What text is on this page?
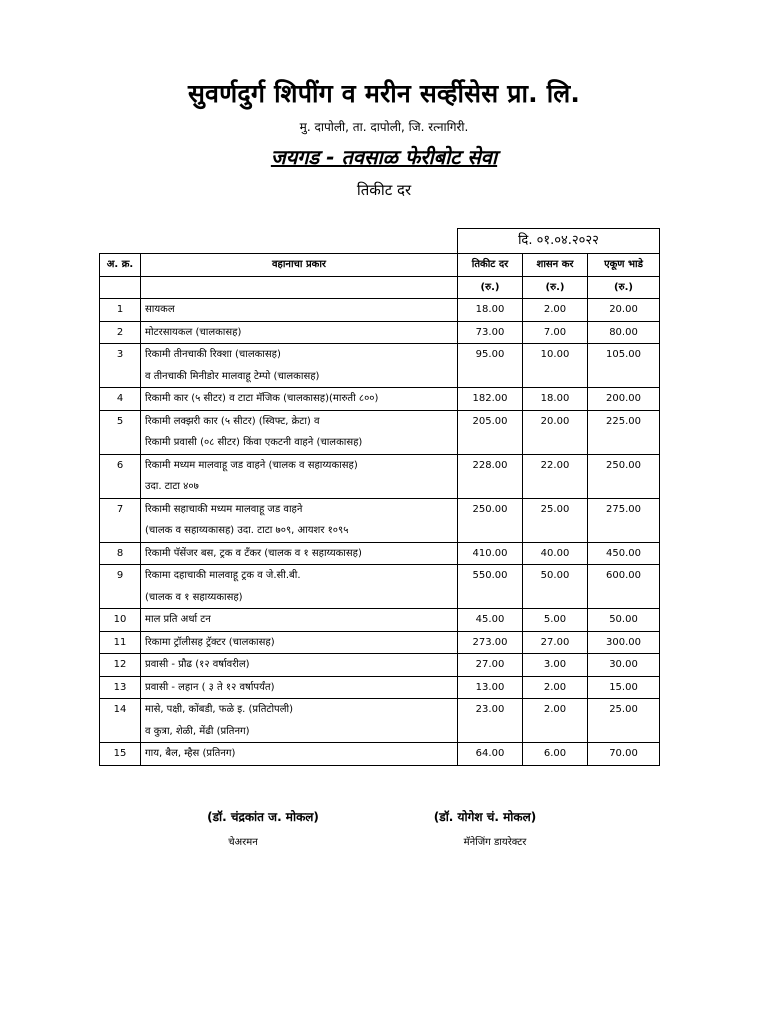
सुवर्णदुर्ग शिपींग व मरीन सर्व्हीसेस प्रा. लि.
मु. दापोली, ता. दापोली, जि. रत्नागिरी.
जयगड - तवसाळ फेरीबोट सेवा
तिकीट दर
		दि. ०१.०४.२०२२		
अ. क्र.	वहानाचा प्रकार	तिकीट दर	शासन कर	एकूण भाडे
		(रु.)	(रु.)	(रु.)
1	सायकल	18.00	2.00	20.00
2	मोटरसायकल (चालकासह)	73.00	7.00	80.00
3	रिकामी तीनचाकी रिक्शा (चालकासह)
व तीनचाकी मिनीडोर मालवाहू टेम्पो (चालकासह)	95.00	10.00	105.00
4	रिकामी कार (५ सीटर) व टाटा मॅजिक (चालकासह)(मारुती ८००)	182.00	18.00	200.00
5	रिकामी लक्झरी कार (५ सीटर) (स्विफ्ट, क्रेटा) व
रिकामी प्रवासी (०८ सीटर) किंवा एकटनी वाहने (चालकासह)	205.00	20.00	225.00
6	रिकामी मध्यम मालवाहू जड वाहने (चालक व सहाय्यकासह)
उदा. टाटा ४०७	228.00	22.00	250.00
7	रिकामी सहाचाकी मध्यम मालवाहू जड वाहने
(चालक व सहाय्यकासह) उदा. टाटा ७०९, आयशर १०९५	250.00	25.00	275.00
8	रिकामी पॅसेंजर बस, ट्रक व टॅंकर (चालक व १ सहाय्यकासह)	410.00	40.00	450.00
9	रिकामा दहाचाकी मालवाहू ट्रक व जे.सी.बी.
(चालक व १ सहाय्यकासह)	550.00	50.00	600.00
10	माल प्रति अर्धा टन	45.00	5.00	50.00
11	रिकामा ट्रॉलीसह ट्रॅक्टर (चालकासह)	273.00	27.00	300.00
12	प्रवासी - प्रौढ (१२ वर्षावरील)	27.00	3.00	30.00
13	प्रवासी - लहान ( ३ ते १२ वर्षापर्यंत)	13.00	2.00	15.00
14	मासे, पक्षी, कोंबडी, फळे इ. (प्रतिटोपली)
व कुत्रा, शेळी, मेंढी (प्रतिनग)	23.00	2.00	25.00
15	गाय, बैल, म्हैस (प्रतिनग)	64.00	6.00	70.00
(डॉ. चंद्रकांत ज. मोकल)
चेअरमन
(डॉ. योगेश चं. मोकल)
मॅनेजिंग डायरेक्टर
